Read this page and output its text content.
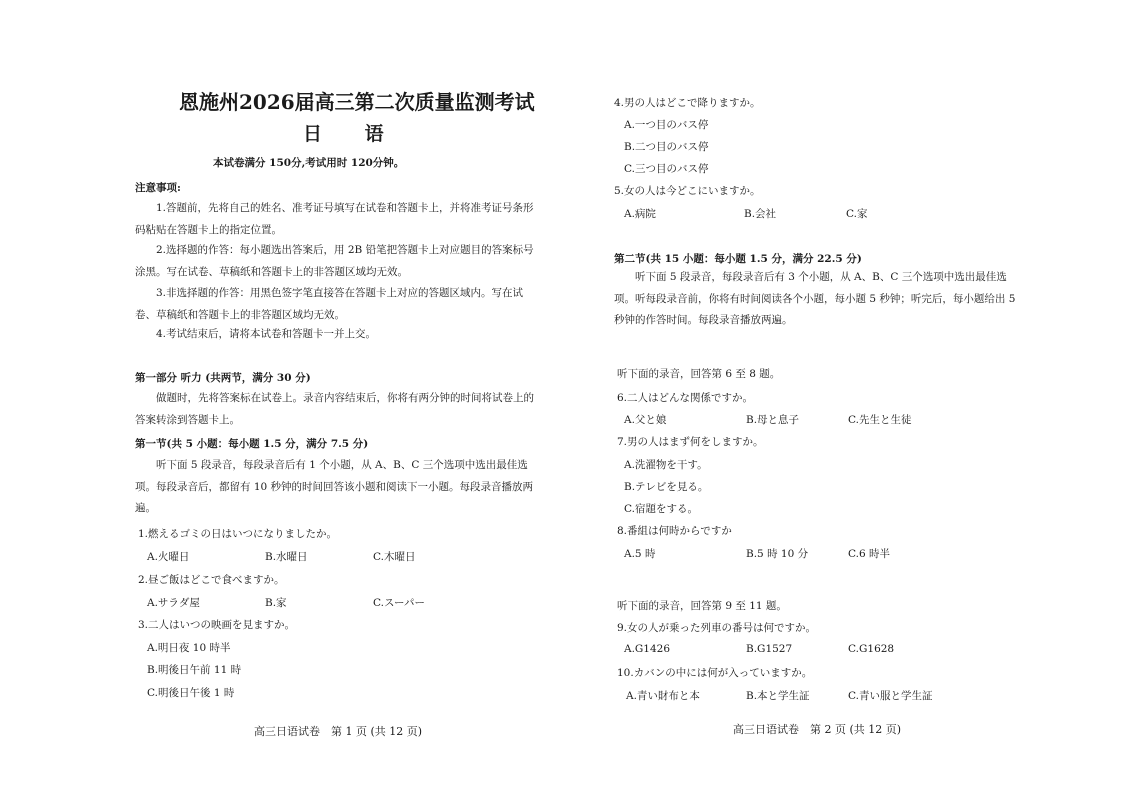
恩施州2026届高三第二次质量监测考试
日 语
本试卷满分 150分,考试用时 120分钟。
注意事项:
1.答题前，先将自己的姓名、准考证号填写在试卷和答题卡上，并将准考证号条形码粘贴在答题卡上的指定位置。
2.选择题的作答：每小题选出答案后，用 2B 铅笔把答题卡上对应题目的答案标号涂黑。写在试卷、草稿纸和答题卡上的非答题区域均无效。
3.非选择题的作答：用黑色签字笔直接答在答题卡上对应的答题区域内。写在试卷、草稿纸和答题卡上的非答题区域均无效。
4.考试结束后，请将本试卷和答题卡一并上交。
第一部分 听力 (共两节，满分 30 分)
做题时，先将答案标在试卷上。录音内容结束后，你将有两分钟的时间将试卷上的答案转涂到答题卡上。
第一节(共 5 小题：每小题 1.5 分，满分 7.5 分)
听下面 5 段录音，每段录音后有 1 个小题，从 A、B、C 三个选项中选出最佳选项。每段录音后，都留有 10 秒钟的时间回答该小题和阅读下一小题。每段录音播放两遍。
1.燃えるゴミの日はいつになりましたか。
A.火曜日	B.水曜日	C.木曜日
2.昼ご飯はどこで食べますか。
A.サラダ屋	B.家	C.スーパー
3.二人はいつの映画を見ますか。
A.明日夜 10 時半
B.明後日午前 11 時
C.明後日午後 1 時
高三日语试卷　第 1 页 (共 12 页)
4.男の人はどこで降りますか。
A.一つ目のバス停
B.二つ目のバス停
C.三つ目のバス停
5.女の人は今どこにいますか。
A.病院	B.会社	C.家
第二节(共 15 小题：每小题 1.5 分，满分 22.5 分)
听下面 5 段录音，每段录音后有 3 个小题，从 A、B、C 三个选项中选出最佳选项。听每段录音前，你将有时间阅读各个小题，每小题 5 秒钟；听完后，每小题给出 5 秒钟的作答时间。每段录音播放两遍。
听下面的录音，回答第 6 至 8 题。
6.二人はどんな関係ですか。
A.父と娘	B.母と息子	C.先生と生徒
7.男の人はまず何をしますか。
A.洗濯物を干す。
B.テレビを見る。
C.宿題をする。
8.番組は何時からですか
A.5 時	B.5 時 10 分	C.6 時半
听下面的录音，回答第 9 至 11 题。
9.女の人が乗った列車の番号は何ですか。
A.G1426	B.G1527	C.G1628
10.カバンの中には何が入っていますか。
A.青い財布と本	B.本と学生証	C.青い服と学生証
高三日语试卷　第 2 页 (共 12 页)
